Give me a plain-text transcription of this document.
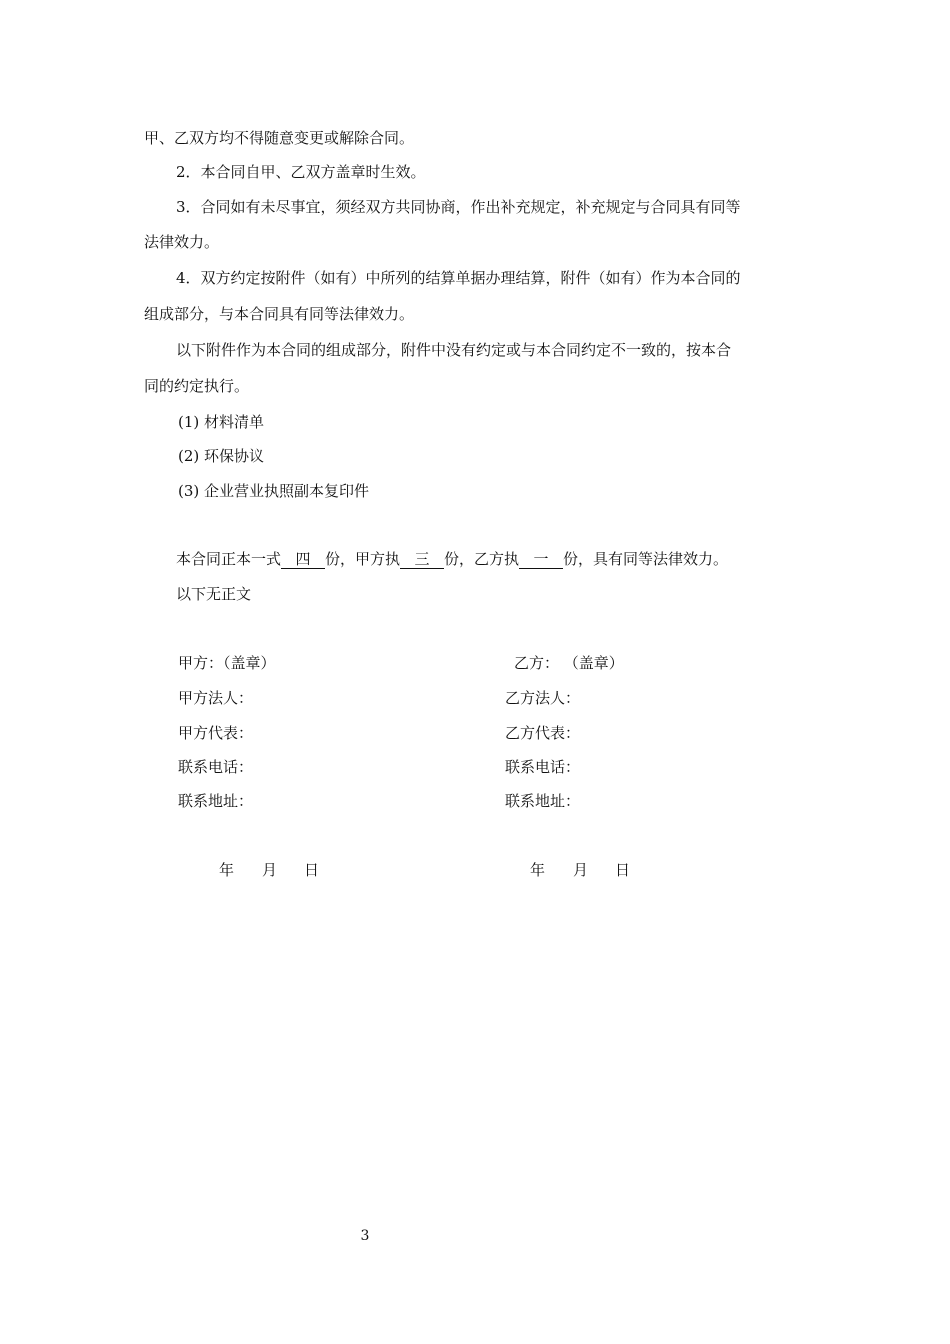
甲、乙双方均不得随意变更或解除合同。
2．本合同自甲、乙双方盖章时生效。
3．合同如有未尽事宜，须经双方共同协商，作出补充规定，补充规定与合同具有同等
法律效力。
4．双方约定按附件（如有）中所列的结算单据办理结算，附件（如有）作为本合同的
组成部分，与本合同具有同等法律效力。
以下附件作为本合同的组成部分，附件中没有约定或与本合同约定不一致的，按本合
同的约定执行。
(1) 材料清单
(2) 环保协议
(3) 企业营业执照副本复印件
本合同正本一式 四 份，甲方执 三 份，乙方执 一 份，具有同等法律效力。
以下无正文
甲方：（盖章）
甲方法人：
甲方代表：
联系电话：
联系地址：
乙方： （盖章）
乙方法人：
乙方代表：
联系电话：
联系地址：
年 月 日	年 月 日
3
